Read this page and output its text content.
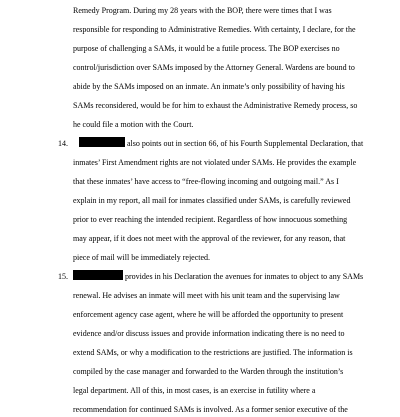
Remedy Program. During my 28 years with the BOP, there were times that I was
responsible for responding to Administrative Remedies. With certainty, I declare, for the
purpose of challenging a SAMs, it would be a futile process. The BOP exercises no
control/jurisdiction over SAMs imposed by the Attorney General. Wardens are bound to
abide by the SAMs imposed on an inmate. An inmate’s only possibility of having his
SAMs reconsidered, would be for him to exhaust the Administrative Remedy process, so
he could file a motion with the Court.
14.	also points out in section 66, of his Fourth Supplemental Declaration, that
inmates’ First Amendment rights are not violated under SAMs. He provides the example
that these inmates’ have access to “free-flowing incoming and outgoing mail.” As I
explain in my report, all mail for inmates classified under SAMs, is carefully reviewed
prior to ever reaching the intended recipient. Regardless of how innocuous something
may appear, if it does not meet with the approval of the reviewer, for any reason, that
piece of mail will be immediately rejected.
15.	provides in his Declaration the avenues for inmates to object to any SAMs
renewal. He advises an inmate will meet with his unit team and the supervising law
enforcement agency case agent, where he will be afforded the opportunity to present
evidence and/or discuss issues and provide information indicating there is no need to
extend SAMs, or why a modification to the restrictions are justified. The information is
compiled by the case manager and forwarded to the Warden through the institution’s
legal department. All of this, in most cases, is an exercise in futility where a
recommendation for continued SAMs is involved. As a former senior executive of the
